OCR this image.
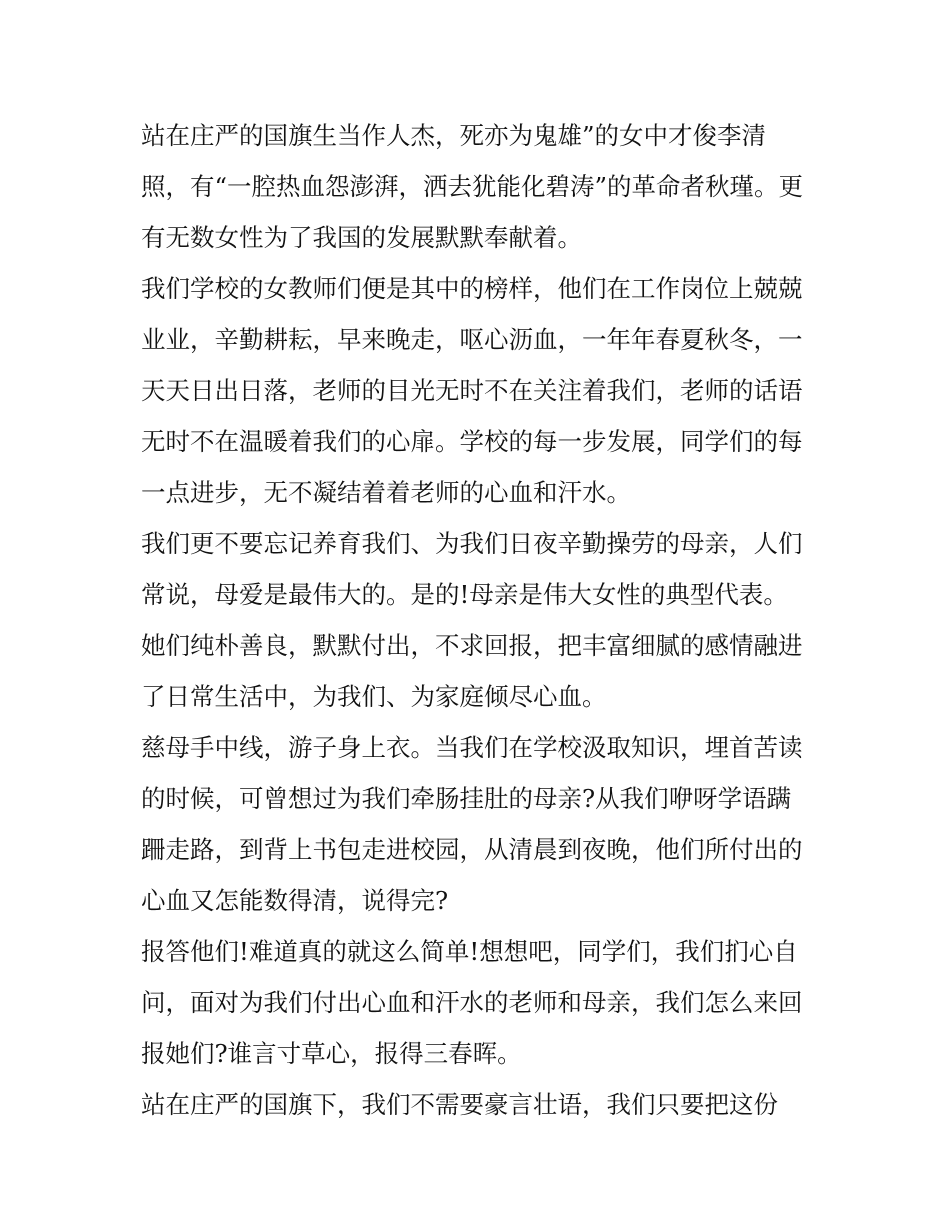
站在庄严的国旗生当作人杰，死亦为鬼雄”的女中才俊李清
照，有“一腔热血怨澎湃，洒去犹能化碧涛”的革命者秋瑾。更
有无数女性为了我国的发展默默奉献着。
我们学校的女教师们便是其中的榜样，他们在工作岗位上兢兢
业业，辛勤耕耘，早来晚走，呕心沥血，一年年春夏秋冬，一
天天日出日落，老师的目光无时不在关注着我们，老师的话语
无时不在温暖着我们的心扉。学校的每一步发展，同学们的每
一点进步，无不凝结着着老师的心血和汗水。
我们更不要忘记养育我们、为我们日夜辛勤操劳的母亲，人们
常说，母爱是最伟大的。是的!母亲是伟大女性的典型代表。
她们纯朴善良，默默付出，不求回报，把丰富细腻的感情融进
了日常生活中，为我们、为家庭倾尽心血。
慈母手中线，游子身上衣。当我们在学校汲取知识，埋首苦读
的时候，可曾想过为我们牵肠挂肚的母亲?从我们咿呀学语蹒
跚走路，到背上书包走进校园，从清晨到夜晚，他们所付出的
心血又怎能数得清，说得完?
报答他们!难道真的就这么简单!想想吧，同学们，我们扪心自
问，面对为我们付出心血和汗水的老师和母亲，我们怎么来回
报她们?谁言寸草心，报得三春晖。
站在庄严的国旗下，我们不需要豪言壮语，我们只要把这份
